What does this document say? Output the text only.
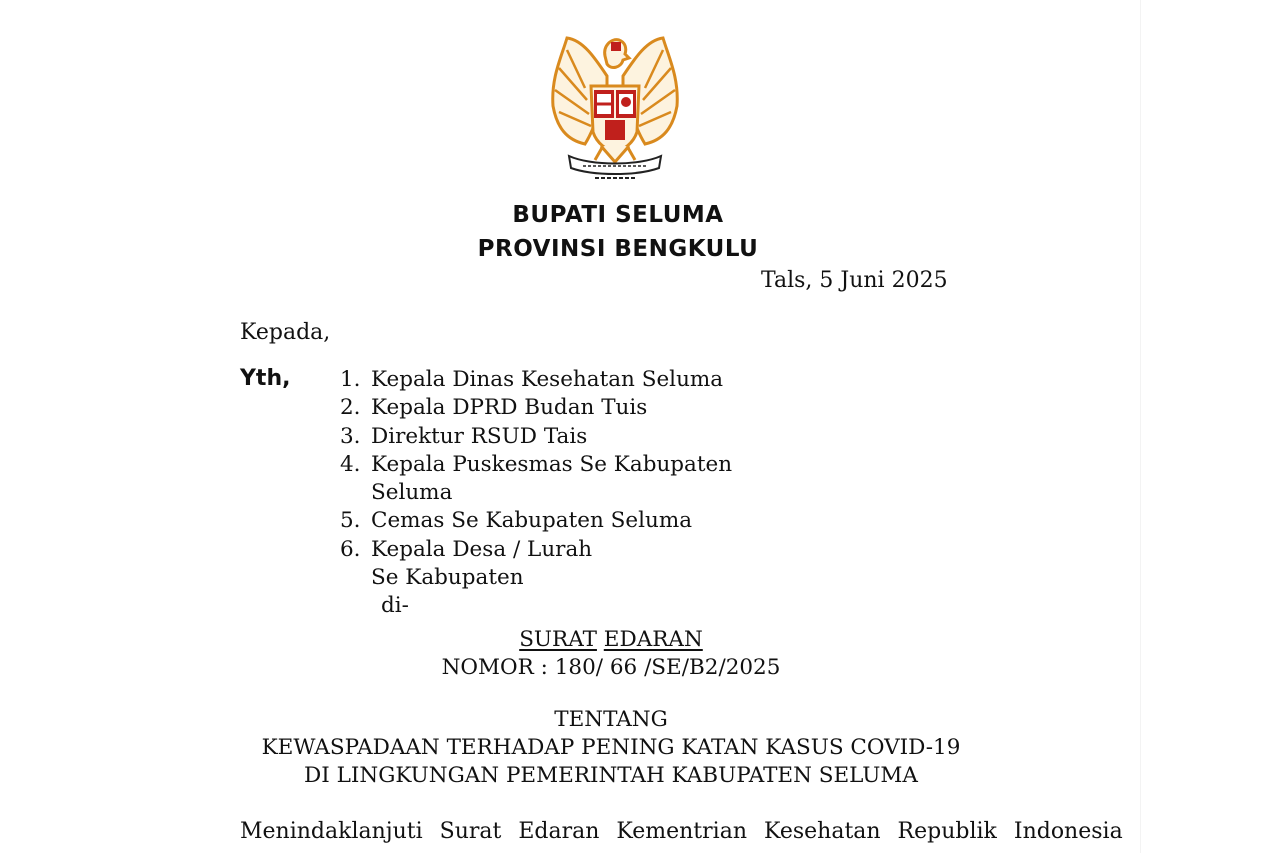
BUPATI SELUMA
PROVINSI BENGKULU
Tals, 5 Juni 2025
Kepada,
Yth, 1. Kepala Dinas Kesehatan Seluma
2. Kepala DPRD Budan Tuis
3. Direktur RSUD Tais
4. Kepala Puskesmas Se Kabupaten
Seluma
5. Cemas Se Kabupaten Seluma
6. Kepala Desa / Lurah
Se Kabupaten
di-
SURAT EDARAN
NOMOR : 180/ 66 /SE/B2/2025
TENTANG
KEWASPADAAN TERHADAP PENING KATAN KASUS COVID-19
DI LINGKUNGAN PEMERINTAH KABUPATEN SELUMA
Menindaklanjuti Surat Edaran Kementrian Kesehatan Republik Indonesia
